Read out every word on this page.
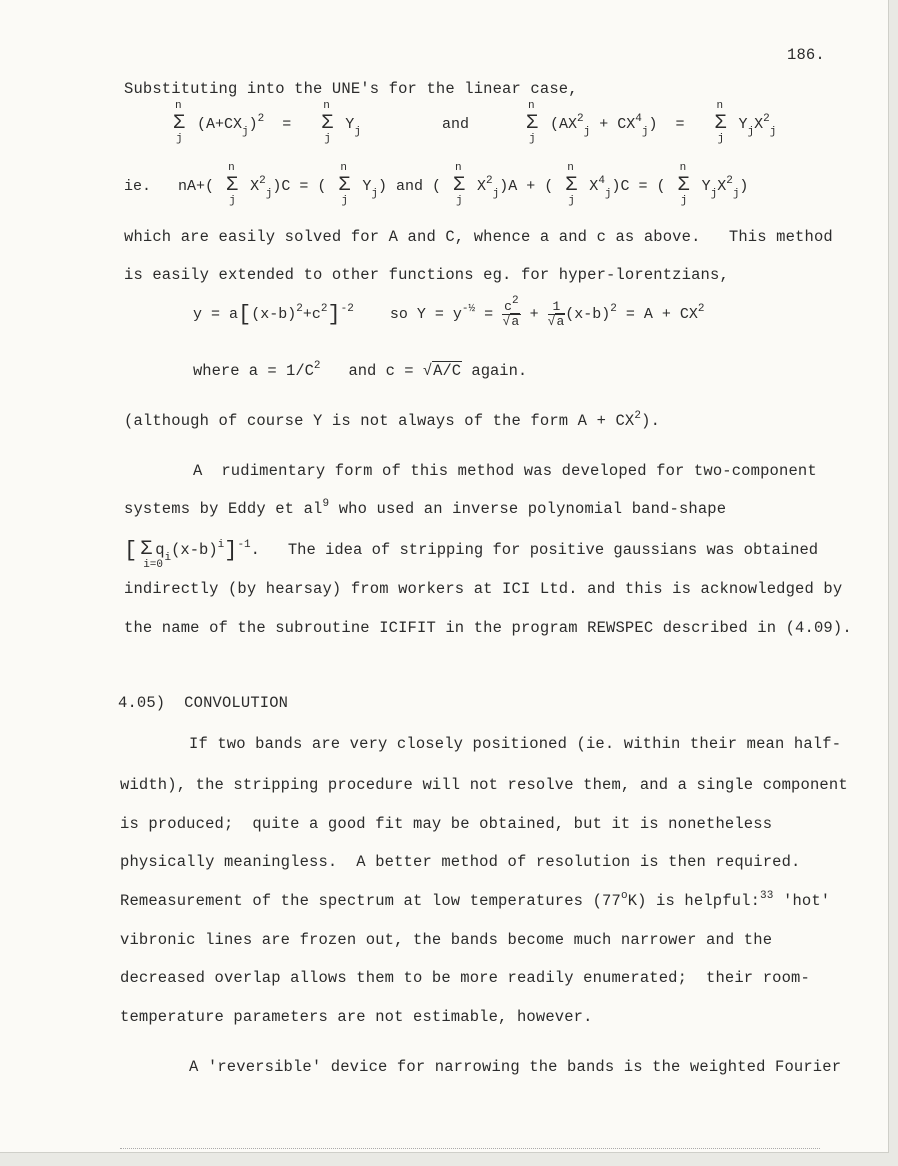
186.
Substituting into the UNE's for the linear case,
Σ
n
j
$(A+CX_j)^2 = \Sigma$
n
j
$Y_j$	and	Σ
n
j
$(AX^2_j + CX^4_j) = \Sigma$
n
j
$Y_jX^2_j$
ie. nA+( Σ
n
j
$X^2_j)C$ = ( Σ
n
j
$Y_j$) and ( Σ
n
j
$X^2_j)A$ + ( Σ
n
j
$X^4_j)C$ = ( Σ
n
j
$Y_jX^2_j$)
which are easily solved for A and C, whence a and c as above.   This method
is easily extended to other functions eg. for hyper-lorentzians,
$y = a[(x-b)^2+c^2]^{-2}$ so $Y = y^{-\frac{1}{2}} = \frac{c^2}{√a} + \frac{1}{√a} (x-b)^2 = A + CX^2$
where $a = 1/C^2$ and c = √A/C again.
(although of course Y is not always of the form $A + CX^2$).
A  rudimentary form of this method was developed for two-component
systems by Eddy et $al^9$ who used an inverse polynomial band-shape
[ Σ
i=0
$q_i(x-b)^i]^{-1}$.   The idea of stripping for positive gaussians was obtained
indirectly (by hearsay) from workers at ICI Ltd. and this is acknowledged by
the name of the subroutine ICIFIT in the program REWSPEC described in (4.09).
4.05) CONVOLUTION
If two bands are very closely positioned (ie. within their mean half-
width), the stripping procedure will not resolve them, and a single component
is produced;  quite a good fit may be obtained, but it is nonetheless
physically meaningless.  A better method of resolution is then required.
Remeasurement of the spectrum at low temperatures (77$^o$K) is helpful:$^{33}$ 'hot'
vibronic lines are frozen out, the bands become much narrower and the
decreased overlap allows them to be more readily enumerated;  their room-
temperature parameters are not estimable, however.
A 'reversible' device for narrowing the bands is the weighted Fourier
